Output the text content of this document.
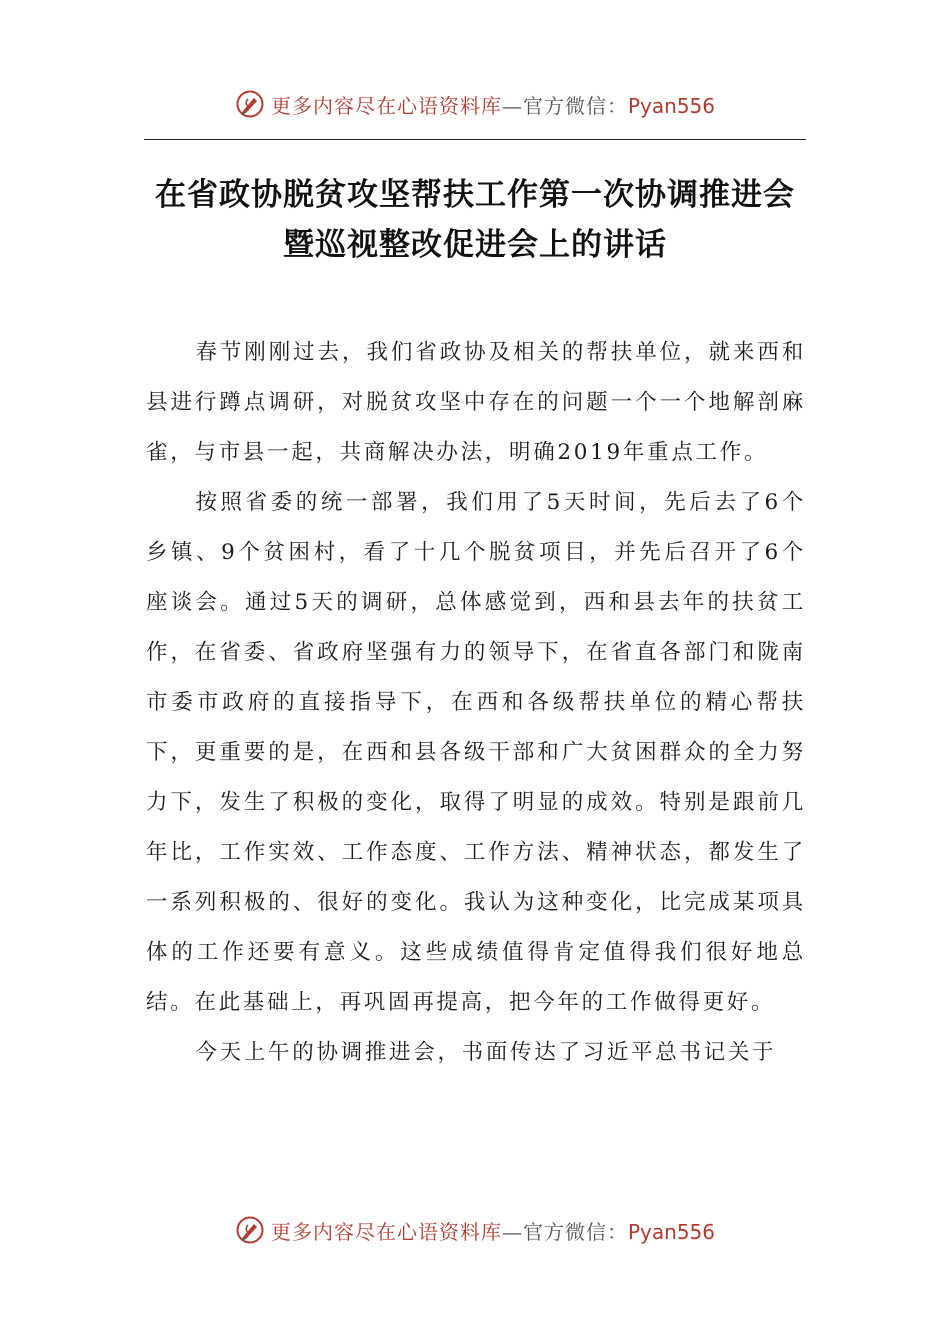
更多内容尽在心语资料库—官方微信：Pyan556
在省政协脱贫攻坚帮扶工作第一次协调推进会暨巡视整改促进会上的讲话

春节刚刚过去，我们省政协及相关的帮扶单位，就来西和县进行蹲点调研，对脱贫攻坚中存在的问题一个一个地解剖麻雀，与市县一起，共商解决办法，明确2019年重点工作。

按照省委的统一部署，我们用了5天时间，先后去了6个乡镇、9个贫困村，看了十几个脱贫项目，并先后召开了6个座谈会。通过5天的调研，总体感觉到，西和县去年的扶贫工作，在省委、省政府坚强有力的领导下，在省直各部门和陇南市委市政府的直接指导下，在西和各级帮扶单位的精心帮扶下，更重要的是，在西和县各级干部和广大贫困群众的全力努力下，发生了积极的变化，取得了明显的成效。特别是跟前几年比，工作实效、工作态度、工作方法、精神状态，都发生了一系列积极的、很好的变化。我认为这种变化，比完成某项具体的工作还要有意义。这些成绩值得肯定值得我们很好地总结。在此基础上，再巩固再提高，把今年的工作做得更好。

今天上午的协调推进会，书面传达了习近平总书记关于

更多内容尽在心语资料库—官方微信：Pyan556
